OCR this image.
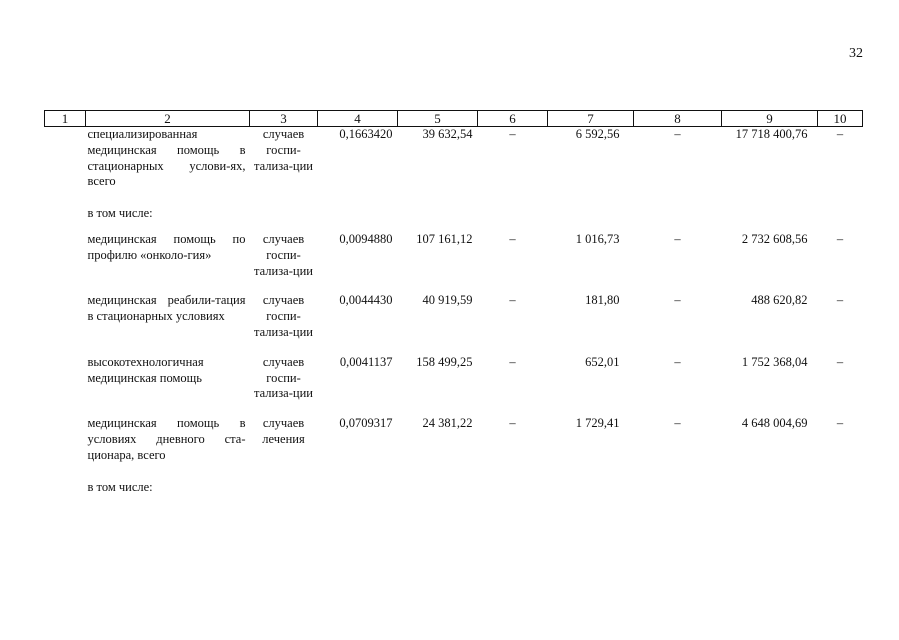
32
1	2	3	4	5	6	7	8	9	10
	специализированная медицинская помощь в стационарных услови-ях, всего	случаев госпи-тализа-ции	0,1663420	39 632,54	–	6 592,56	–	17 718 400,76	–
	в том числе:								
	медицинская помощь по профилю «онколо-гия»	случаев госпи-тализа-ции	0,0094880	107 161,12	–	1 016,73	–	2 732 608,56	–
	медицинская реабили-тация в стационарных условиях	случаев госпи-тализа-ции	0,0044430	40 919,59	–	181,80	–	488 620,82	–
	высокотехнологичная медицинская помощь	случаев госпи-тализа-ции	0,0041137	158 499,25	–	652,01	–	1 752 368,04	–
	медицинская помощь в условиях дневного ста-ционара, всего	случаев лечения	0,0709317	24 381,22	–	1 729,41	–	4 648 004,69	–
	в том числе:								
